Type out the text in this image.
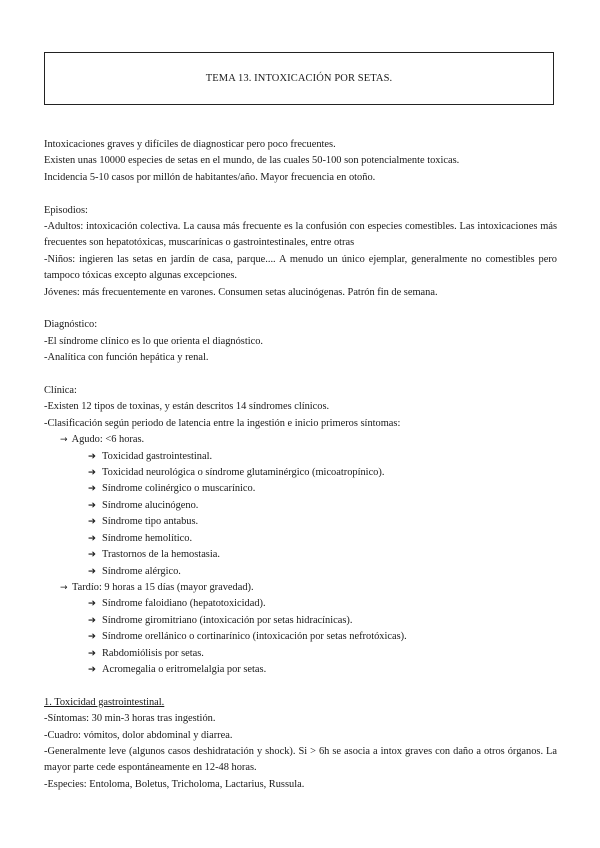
TEMA 13. INTOXICACIÓN POR SETAS.
Intoxicaciones graves y difíciles de diagnosticar pero poco frecuentes.
Existen unas 10000 especies de setas en el mundo, de las cuales 50-100 son potencialmente toxicas.
Incidencia 5-10 casos por millón de habitantes/año. Mayor frecuencia en otoño.
Episodios:
-Adultos: intoxicación colectiva. La causa más frecuente es la confusión con especies comestibles. Las intoxicaciones más frecuentes son hepatotóxicas, muscarínicas o gastrointestinales, entre otras
-Niños: ingieren las setas en jardín de casa, parque.... A menudo un único ejemplar, generalmente no comestibles pero tampoco tóxicas excepto algunas excepciones.
Jóvenes: más frecuentemente en varones. Consumen setas alucinógenas. Patrón fin de semana.
Diagnóstico:
-El síndrome clínico es lo que orienta el diagnóstico.
-Analítica con función hepática y renal.
Clínica:
-Existen 12 tipos de toxinas, y están descritos 14 síndromes clínicos.
-Clasificación según periodo de latencia entre la ingestión e inicio primeros síntomas:
→ Agudo: <6 horas.
➔ Toxicidad gastrointestinal.
➔ Toxicidad neurológica o síndrome glutaminérgico (micoatropínico).
➔ Síndrome colinérgico o muscarínico.
➔ Síndrome alucinógeno.
➔ Síndrome tipo antabus.
➔ Síndrome hemolítico.
➔ Trastornos de la hemostasia.
➔ Síndrome alérgico.
→ Tardío: 9 horas a 15 días (mayor gravedad).
➔ Síndrome faloidiano (hepatotoxicidad).
➔ Síndrome giromitriano (intoxicación por setas hidracínicas).
➔ Síndrome orellánico o cortinarínico (intoxicación por setas nefrotóxicas).
➔ Rabdomiólisis por setas.
➔ Acromegalia o eritromelalgia por setas.
1. Toxicidad gastrointestinal.
-Síntomas: 30 min-3 horas tras ingestión.
-Cuadro: vómitos, dolor abdominal y diarrea.
-Generalmente leve (algunos casos deshidratación y shock). Si > 6h se asocia a intox graves con daño a otros órganos. La mayor parte cede espontáneamente en 12-48 horas.
-Especies: Entoloma, Boletus, Tricholoma, Lactarius, Russula.
